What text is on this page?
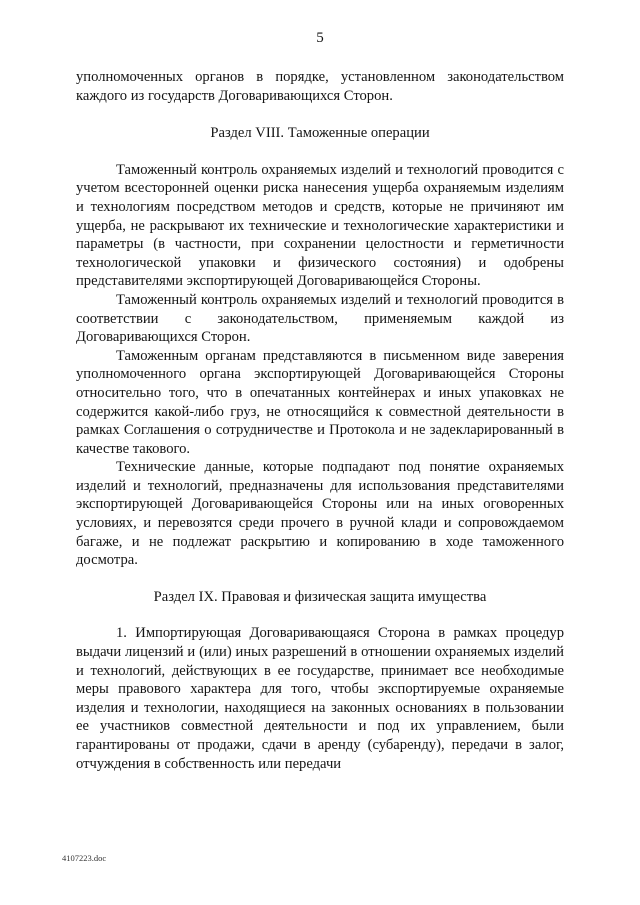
5

уполномоченных органов в порядке, установленном законодательством каждого из государств Договаривающихся Сторон.

Раздел VIII. Таможенные операции

Таможенный контроль охраняемых изделий и технологий проводится с учетом всесторонней оценки риска нанесения ущерба охраняемым изделиям и технологиям посредством методов и средств, которые не причиняют им ущерба, не раскрывают их технические и технологические характеристики и параметры (в частности, при сохранении целостности и герметичности технологической упаковки и физического состояния) и одобрены представителями экспортирующей Договаривающейся Стороны.

Таможенный контроль охраняемых изделий и технологий проводится в соответствии с законодательством, применяемым каждой из Договаривающихся Сторон.

Таможенным органам представляются в письменном виде заверения уполномоченного органа экспортирующей Договаривающейся Стороны относительно того, что в опечатанных контейнерах и иных упаковках не содержится какой-либо груз, не относящийся к совместной деятельности в рамках Соглашения о сотрудничестве и Протокола и не задекларированный в качестве такового.

Технические данные, которые подпадают под понятие охраняемых изделий и технологий, предназначены для использования представителями экспортирующей Договаривающейся Стороны или на иных оговоренных условиях, и перевозятся среди прочего в ручной клади и сопровождаемом багаже, и не подлежат раскрытию и копированию в ходе таможенного досмотра.

Раздел IX. Правовая и физическая защита имущества

1. Импортирующая Договаривающаяся Сторона в рамках процедур выдачи лицензий и (или) иных разрешений в отношении охраняемых изделий и технологий, действующих в ее государстве, принимает все необходимые меры правового характера для того, чтобы экспортируемые охраняемые изделия и технологии, находящиеся на законных основаниях в пользовании ее участников совместной деятельности и под их управлением, были гарантированы от продажи, сдачи в аренду (субаренду), передачи в залог, отчуждения в собственность или передачи

4107223.doc
